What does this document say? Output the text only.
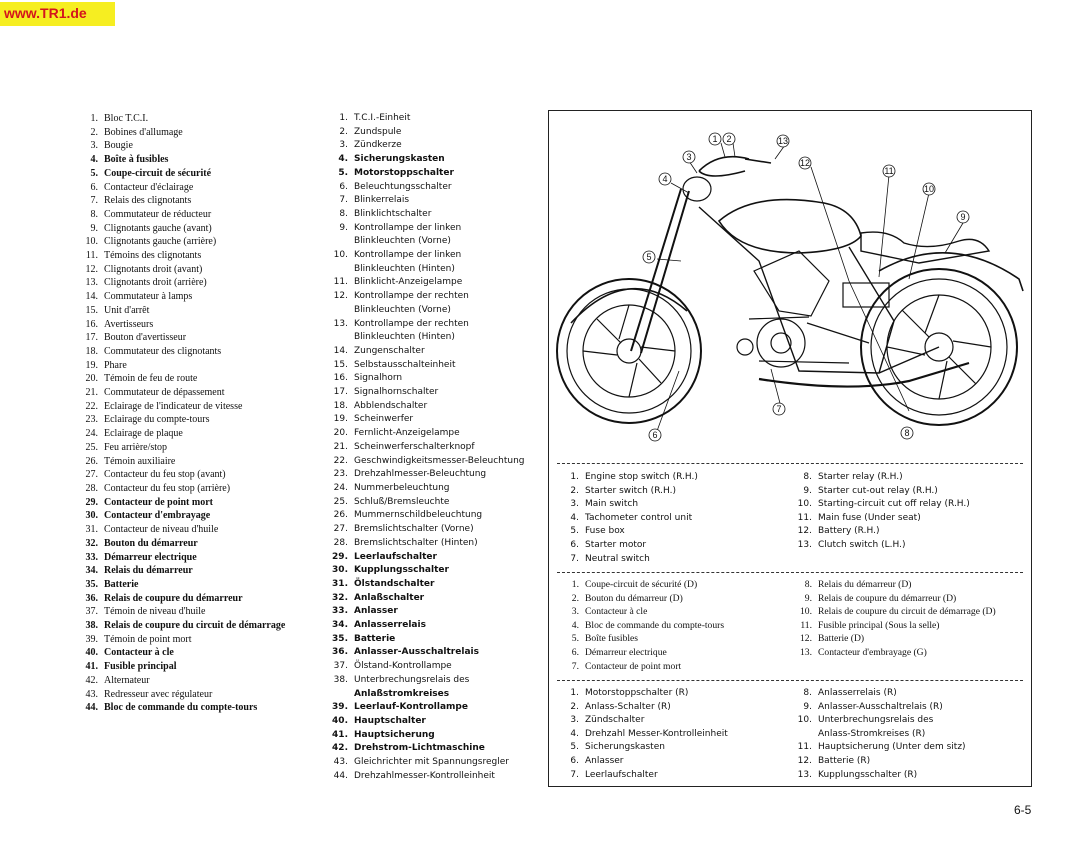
www.TR1.de
1. Bloc T.C.I.
2. Bobines d'allumage
3. Bougie
4. Boîte à fusibles
5. Coupe-circuit de sécurité
6. Contacteur d'éclairage
7. Relais des clignotants
8. Commutateur de réducteur
9. Clignotants gauche (avant)
10. Clignotants gauche (arrière)
11. Témoins des clignotants
12. Clignotants droit (avant)
13. Clignotants droit (arrière)
14. Commutateur à lamps
15. Unit d'arrêt
16. Avertisseurs
17. Bouton d'avertisseur
18. Commutateur des clignotants
19. Phare
20. Témoin de feu de route
21. Commutateur de dépassement
22. Eclairage de l'indicateur de vitesse
23. Eclairage du compte-tours
24. Eclairage de plaque
25. Feu arrière/stop
26. Témoin auxiliaire
27. Contacteur du feu stop (avant)
28. Contacteur du feu stop (arrière)
29. Contacteur de point mort
30. Contacteur d'embrayage
31. Contacteur de niveau d'huile
32. Bouton du démarreur
33. Démarreur electrique
34. Relais du démarreur
35. Batterie
36. Relais de coupure du démarreur
37. Témoin de niveau d'huile
38. Relais de coupure du circuit de démarrage
39. Témoin de point mort
40. Contacteur à cle
41. Fusible principal
42. Alternateur
43. Redresseur avec régulateur
44. Bloc de commande du compte-tours
1. T.C.I.-Einheit
2. Zundspule
3. Zündkerze
4. Sicherungskasten
5. Motorstoppschalter
6. Beleuchtungsschalter
7. Blinkerrelais
8. Blinklichtschalter
9. Kontrollampe der linken
Blinkleuchten (Vorne)
10. Kontrollampe der linken
Blinkleuchten (Hinten)
11. Blinklicht-Anzeigelampe
12. Kontrollampe der rechten
Blinkleuchten (Vorne)
13. Kontrollampe der rechten
Blinkleuchten (Hinten)
14. Zungenschalter
15. Selbstausschalteinheit
16. Signalhorn
17. Signalhornschalter
18. Abblendschalter
19. Scheinwerfer
20. Fernlicht-Anzeigelampe
21. Scheinwerferschalterknopf
22. Geschwindigkeitsmesser-Beleuchtung
23. Drehzahlmesser-Beleuchtung
24. Nummerbeleuchtung
25. Schluß/Bremsleuchte
26. Mummernschildbeleuchtung
27. Bremslichtschalter (Vorne)
28. Bremslichtschalter (Hinten)
29. Leerlaufschalter
30. Kupplungsschalter
31. Ölstandschalter
32. Anlaßschalter
33. Anlasser
34. Anlasserrelais
35. Batterie
36. Anlasser-Ausschaltrelais
37. Ölstand-Kontrollampe
38. Unterbrechungsrelais des
Anlaßstromkreises
39. Leerlauf-Kontrollampe
40. Hauptschalter
41. Hauptsicherung
42. Drehstrom-Lichtmaschine
43. Gleichrichter mit Spannungsregler
44. Drehzahlmesser-Kontrolleinheit
1 2
3
4
5
6
7
8
9
10
11
12
13
1. Engine stop switch (R.H.)
2. Starter switch (R.H.)
3. Main switch
4. Tachometer control unit
5. Fuse box
6. Starter motor
7. Neutral switch
8. Starter relay (R.H.)
9. Starter cut-out relay (R.H.)
10. Starting-circuit cut off relay (R.H.)
11. Main fuse (Under seat)
12. Battery (R.H.)
13. Clutch switch (L.H.)
1. Coupe-circuit de sécurité (D)
2. Bouton du démarreur (D)
3. Contacteur à cle
4. Bloc de commande du compte-tours
5. Boîte fusibles
6. Démarreur electrique
7. Contacteur de point mort
8. Relais du démarreur (D)
9. Relais de coupure du démarreur (D)
10. Relais de coupure du circuit de démarrage (D)
11. Fusible principal (Sous la selle)
12. Batterie (D)
13. Contacteur d'embrayage (G)
1. Motorstoppschalter (R)
2. Anlass-Schalter (R)
3. Zündschalter
4. Drehzahl Messer-Kontrolleinheit
5. Sicherungskasten
6. Anlasser
7. Leerlaufschalter
8. Anlasserrelais (R)
9. Anlasser-Ausschaltrelais (R)
10. Unterbrechungsrelais des
Anlass-Stromkreises (R)
11. Hauptsicherung (Unter dem sitz)
12. Batterie (R)
13. Kupplungsschalter (R)
6-5
